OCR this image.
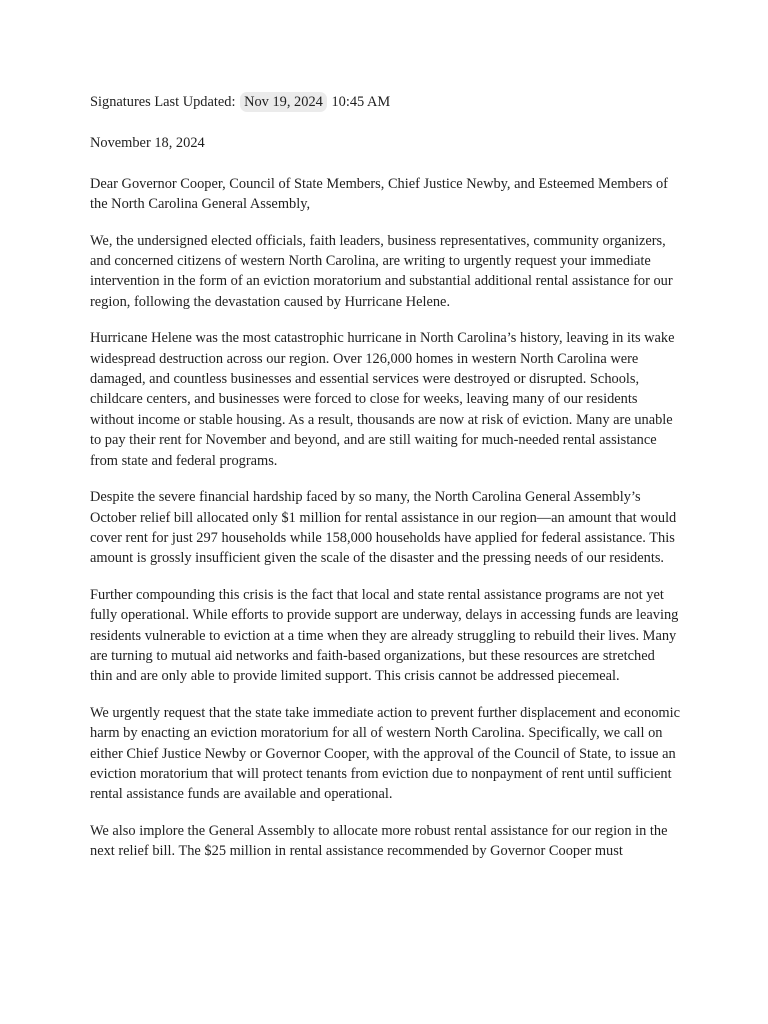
Signatures Last Updated: Nov 19, 2024 10:45 AM
November 18, 2024

Dear Governor Cooper, Council of State Members, Chief Justice Newby, and Esteemed Members of the North Carolina General Assembly,

We, the undersigned elected officials, faith leaders, business representatives, community organizers, and concerned citizens of western North Carolina, are writing to urgently request your immediate intervention in the form of an eviction moratorium and substantial additional rental assistance for our region, following the devastation caused by Hurricane Helene.

Hurricane Helene was the most catastrophic hurricane in North Carolina’s history, leaving in its wake widespread destruction across our region. Over 126,000 homes in western North Carolina were damaged, and countless businesses and essential services were destroyed or disrupted. Schools, childcare centers, and businesses were forced to close for weeks, leaving many of our residents without income or stable housing. As a result, thousands are now at risk of eviction. Many are unable to pay their rent for November and beyond, and are still waiting for much-needed rental assistance from state and federal programs.

Despite the severe financial hardship faced by so many, the North Carolina General Assembly’s October relief bill allocated only $1 million for rental assistance in our region—an amount that would cover rent for just 297 households while 158,000 households have applied for federal assistance. This amount is grossly insufficient given the scale of the disaster and the pressing needs of our residents.

Further compounding this crisis is the fact that local and state rental assistance programs are not yet fully operational. While efforts to provide support are underway, delays in accessing funds are leaving residents vulnerable to eviction at a time when they are already struggling to rebuild their lives. Many are turning to mutual aid networks and faith-based organizations, but these resources are stretched thin and are only able to provide limited support. This crisis cannot be addressed piecemeal.

We urgently request that the state take immediate action to prevent further displacement and economic harm by enacting an eviction moratorium for all of western North Carolina. Specifically, we call on either Chief Justice Newby or Governor Cooper, with the approval of the Council of State, to issue an eviction moratorium that will protect tenants from eviction due to nonpayment of rent until sufficient rental assistance funds are available and operational.

We also implore the General Assembly to allocate more robust rental assistance for our region in the next relief bill. The $25 million in rental assistance recommended by Governor Cooper must
